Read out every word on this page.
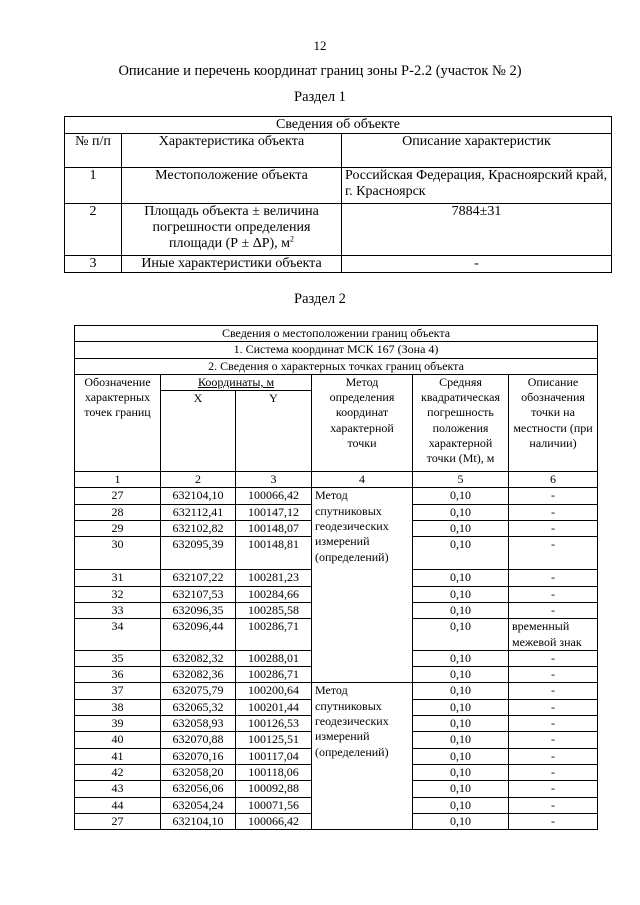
12
Описание и перечень координат границ зоны Р-2.2 (участок № 2)
Раздел 1
Сведения об объекте		
№ п/п	Характеристика объекта	Описание характеристик
1	Местоположение объекта	Российская Федерация, Красноярский край, г. Красноярск
2	Площадь объекта ± величина погрешности определения площади (Р ± ΔР), $м^2$	7884±31
3	Иные характеристики объекта	-
Раздел 2
Сведения о местоположении границ объекта					
1. Система координат МСК 167 (Зона 4)					
2. Сведения о характерных точках границ объекта					
Обозначение характерных точек границ	Координаты, м		Метод определения координат характерной точки	Средняя квадратическая погрешность положения характерной точки (Mt), м	Описание обозначения точки на местности (при наличии)
	X	Y			
1	2	3	4	5	6
27	632104,10	100066,42	Метод спутниковых геодезических измерений (определений)	0,10	-
28	632112,41	100147,12		0,10	-
29	632102,82	100148,07		0,10	-
30	632095,39	100148,81		0,10	-
31	632107,22	100281,23		0,10	-
32	632107,53	100284,66		0,10	-
33	632096,35	100285,58		0,10	-
34	632096,44	100286,71		0,10	временный межевой знак
35	632082,32	100288,01		0,10	-
36	632082,36	100286,71		0,10	-
37	632075,79	100200,64	Метод спутниковых геодезических измерений (определений)	0,10	-
38	632065,32	100201,44		0,10	-
39	632058,93	100126,53		0,10	-
40	632070,88	100125,51		0,10	-
41	632070,16	100117,04		0,10	-
42	632058,20	100118,06		0,10	-
43	632056,06	100092,88		0,10	-
44	632054,24	100071,56		0,10	-
27	632104,10	100066,42		0,10	-
